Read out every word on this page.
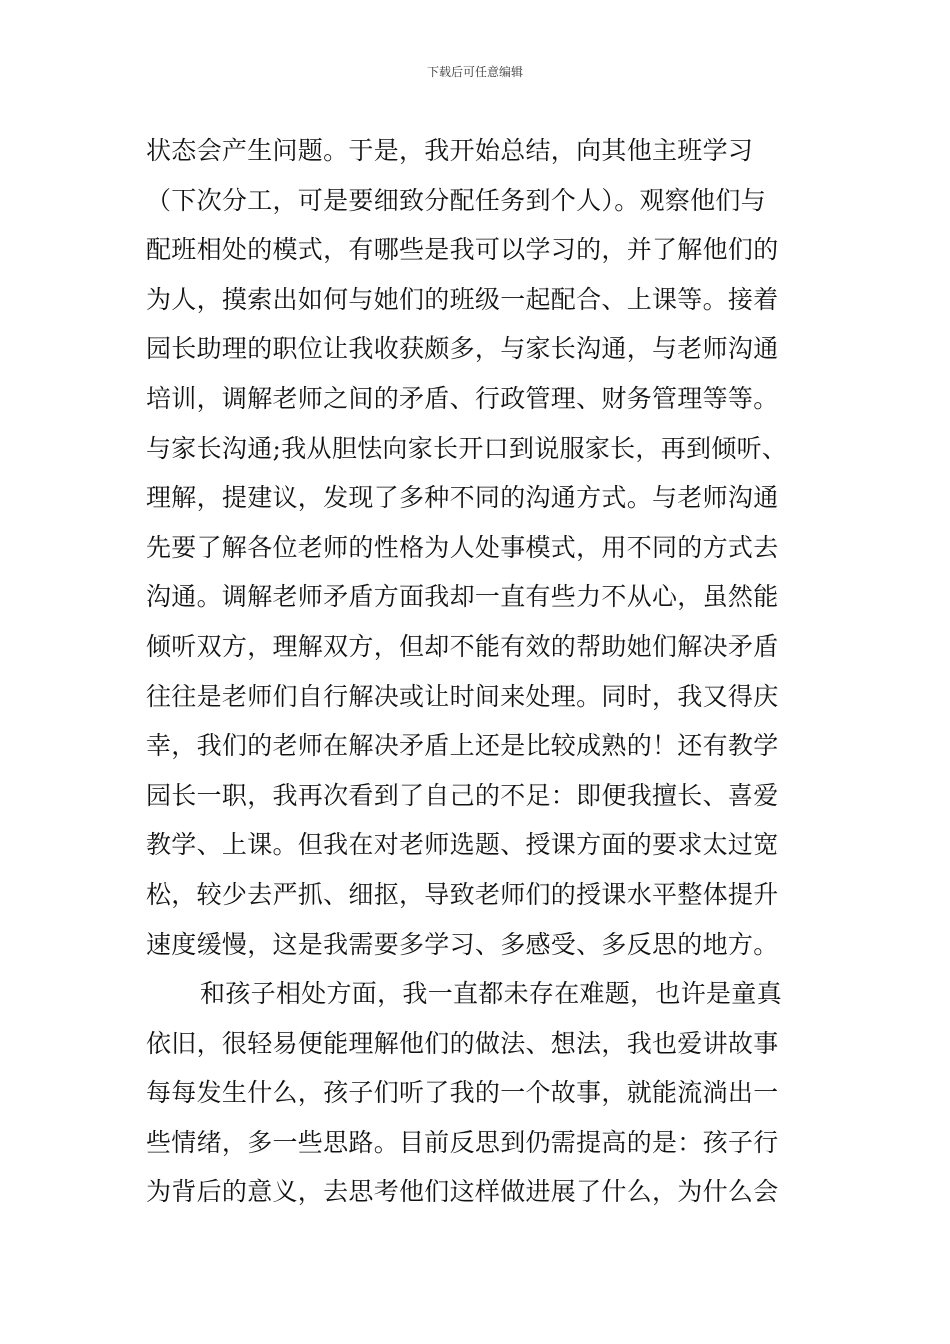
下载后可任意编辑
状态会产生问题。于是，我开始总结，向其他主班学习
（下次分工，可是要细致分配任务到个人）。观察他们与
配班相处的模式，有哪些是我可以学习的，并了解他们的
为人，摸索出如何与她们的班级一起配合、上课等。接着
园长助理的职位让我收获颇多，与家长沟通，与老师沟通
培训，调解老师之间的矛盾、行政管理、财务管理等等。
与家长沟通;我从胆怯向家长开口到说服家长，再到倾听、
理解，提建议，发现了多种不同的沟通方式。与老师沟通
先要了解各位老师的性格为人处事模式，用不同的方式去
沟通。调解老师矛盾方面我却一直有些力不从心，虽然能
倾听双方，理解双方，但却不能有效的帮助她们解决矛盾
往往是老师们自行解决或让时间来处理。同时，我又得庆
幸，我们的老师在解决矛盾上还是比较成熟的！还有教学
园长一职，我再次看到了自己的不足：即便我擅长、喜爱
教学、上课。但我在对老师选题、授课方面的要求太过宽
松，较少去严抓、细抠，导致老师们的授课水平整体提升
速度缓慢，这是我需要多学习、多感受、多反思的地方。
和孩子相处方面，我一直都未存在难题，也许是童真
依旧，很轻易便能理解他们的做法、想法，我也爱讲故事
每每发生什么，孩子们听了我的一个故事，就能流淌出一
些情绪，多一些思路。目前反思到仍需提高的是：孩子行
为背后的意义，去思考他们这样做进展了什么，为什么会
